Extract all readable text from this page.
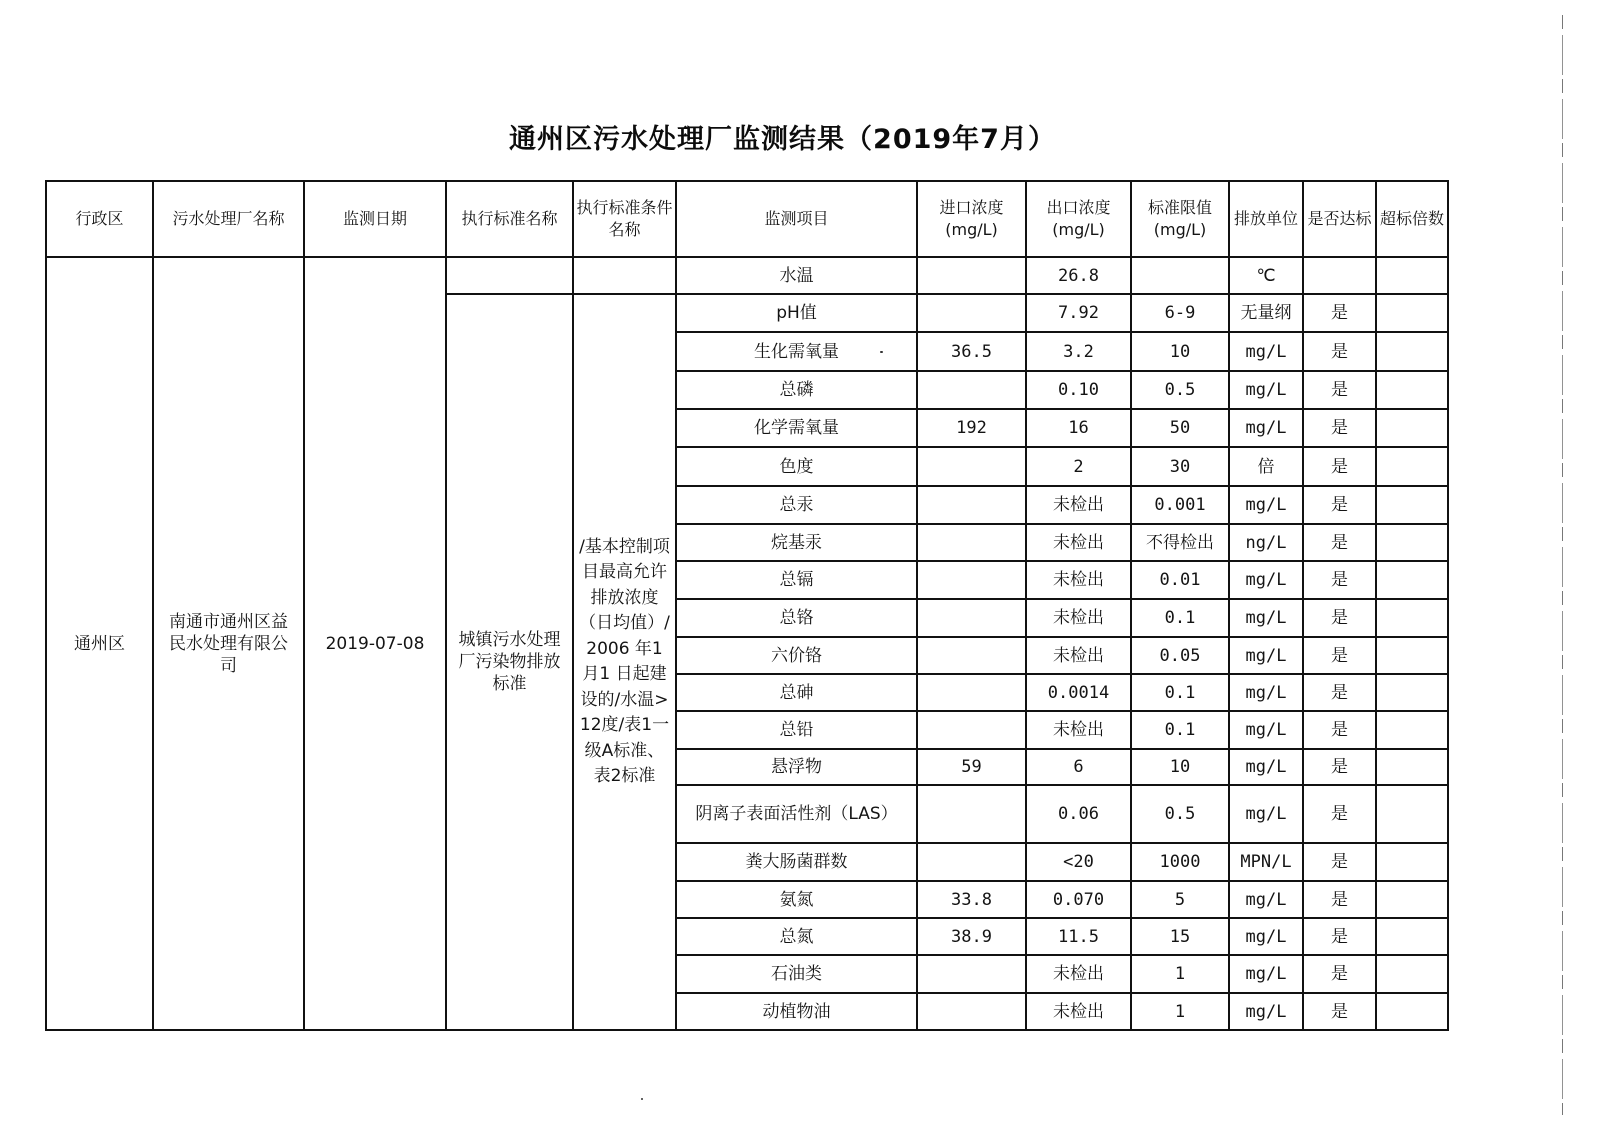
通州区污水处理厂监测结果（2019年7月）
行政区	污水处理厂名称	监测日期	执行标准名称	执行标准条件名称	监测项目	进口浓度(mg/L)	出口浓度(mg/L)	标准限值(mg/L)	排放单位	是否达标	超标倍数
通州区	南通市通州区益民水处理有限公司	2019-07-08			水温		26.8		℃		
			城镇污水处理厂污染物排放标准	/基本控制项目最高允许排放浓度（日均值）/2006 年1月1 日起建设的/水温>12度/表1一级A标准、表2标准	pH值		7.92	6-9	无量纲	是	
					生化需氧量	36.5	3.2	10	mg/L	是	
					总磷		0.10	0.5	mg/L	是	
					化学需氧量	192	16	50	mg/L	是	
					色度		2	30	倍	是	
					总汞		未检出	0.001	mg/L	是	
					烷基汞		未检出	不得检出	ng/L	是	
					总镉		未检出	0.01	mg/L	是	
					总铬		未检出	0.1	mg/L	是	
					六价铬		未检出	0.05	mg/L	是	
					总砷		0.0014	0.1	mg/L	是	
					总铅		未检出	0.1	mg/L	是	
					悬浮物	59	6	10	mg/L	是	
					阴离子表面活性剂（LAS）		0.06	0.5	mg/L	是	
					粪大肠菌群数		<20	1000	MPN/L	是	
					氨氮	33.8	0.070	5	mg/L	是	
					总氮	38.9	11.5	15	mg/L	是	
					石油类		未检出	1	mg/L	是	
					动植物油		未检出	1	mg/L	是	
